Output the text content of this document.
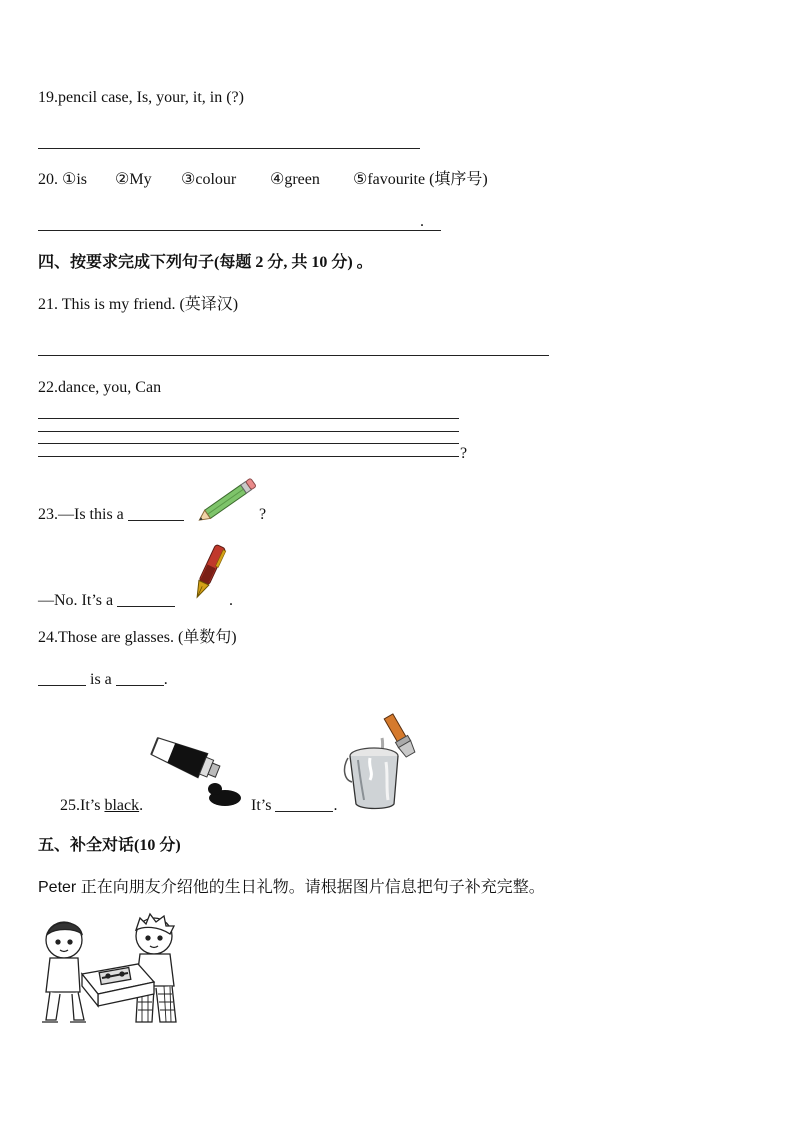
19.pencil case, Is, your, it, in (?)
20. ①is ②My ③colour ④green ⑤favourite (填序号)
.
四、按要求完成下列句子(每题 2 分, 共 10 分) 。
21. This is my friend. (英译汉)
22.dance, you, Can
?
23.—Is this a	?
—No. It’s a	.
24.Those are glasses. (单数句)
is a	.
25.It’s black.	It’s	.
五、补全对话(10 分)
Peter 正在向朋友介绍他的生日礼物。请根据图片信息把句子补充完整。
